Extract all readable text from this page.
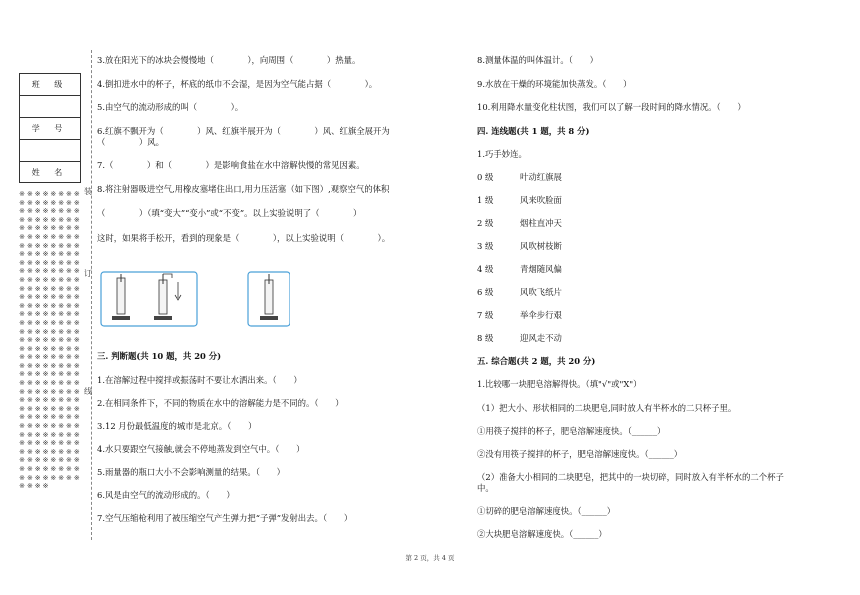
班 级
学 号
姓 名
※※※※※※※※※※※※※※※※※※※※※※※※※※※※※※※※※※※※※※※※※※※※※※※※※※※※※※※※※※※※※※※※※※※※※※※※※※※※※※※※※※※※※※※※※※※※※※※※※※※※※※※※※※※※※※※※※※※※※※※※※※※※※※※※※※※※※※※※※※※※※※※※※※※※※※※※※※※※※※※※※※※※※※※※※※※※※※※※※※※※※※※※※※※※※※※※※※※※※※※※※※※※※※※※※※※※※※※※※※※※※※※※※※※※※※※※※※※※※※※※※※※※※※※※※※※※※※※※※※※※※※※※※※※※※※※※※※※※
装
订
线
3.放在阳光下的冰块会慢慢地（　　　　），向周围（　　　　）热量。
4.倒扣进水中的杯子，杯底的纸巾不会湿，是因为空气能占据（　　　　）。
5.由空气的流动形成的叫（　　　　）。
6.红旗不飘开为（　　　　）风、红旗半展开为（　　　　）风、红旗全展开为
（　　　　）风。
7.（　　　　）和（　　　　）是影响食盐在水中溶解快慢的常见因素。
8.将注射器吸进空气,用橡皮塞堵住出口,用力压活塞（如下图）,观察空气的体积
（　　　　）（填“变大”“变小”或“不变”。以上实验说明了（　　　　）
这时，如果将手松开，看到的现象是（　　　　），以上实验说明（　　　　）。
三. 判断题(共 10 题，共 20 分)
1.在溶解过程中搅拌或振荡时不要让水洒出来。（　　）
2.在相同条件下，不同的物质在水中的溶解能力是不同的。（　　）
3.12 月份最低温度的城市是北京。（　　）
4.水只要跟空气接触,就会不停地蒸发到空气中。（　　）
5.雨量器的瓶口大小不会影响测量的结果。（　　）
6.风是由空气的流动形成的。（　　）
7.空气压缩枪利用了被压缩空气产生弹力把“子弹”发射出去。（　　）
8.测量体温的叫体温计。（　　）
9.水放在干燥的环境能加快蒸发。（　　）
10.利用降水量变化柱状图，我们可以了解一段时间的降水情况。（　　）
四. 连线题(共 1 题，共 8 分)
1.巧手妙连。
0 级	叶动红旗展
1 级	风来吹脸面
2 级	烟柱直冲天
3 级	风吹树枝断
4 级	青烟随风偏
6 级	风吹飞纸片
7 级	举伞步行艰
8 级	迎风走不动
五. 综合题(共 2 题，共 20 分)
1.比较哪一块肥皂溶解得快。（填"√"或"X"）
（1）把大小、形状相同的二块肥皂,同时放人有半杯水的二只杯子里。
①用筷子搅拌的杯子，肥皂溶解速度快。（______）
②没有用筷子搅拌的杯子，肥皂溶解速度快。（______）
（2）准备大小相同的二块肥皂，把其中的一块切碎，同时放入有半杯水的二个杯子
中。
①切碎的肥皂溶解速度快。（______）
②大块肥皂溶解速度快。（______）
第 2 页，共 4 页
